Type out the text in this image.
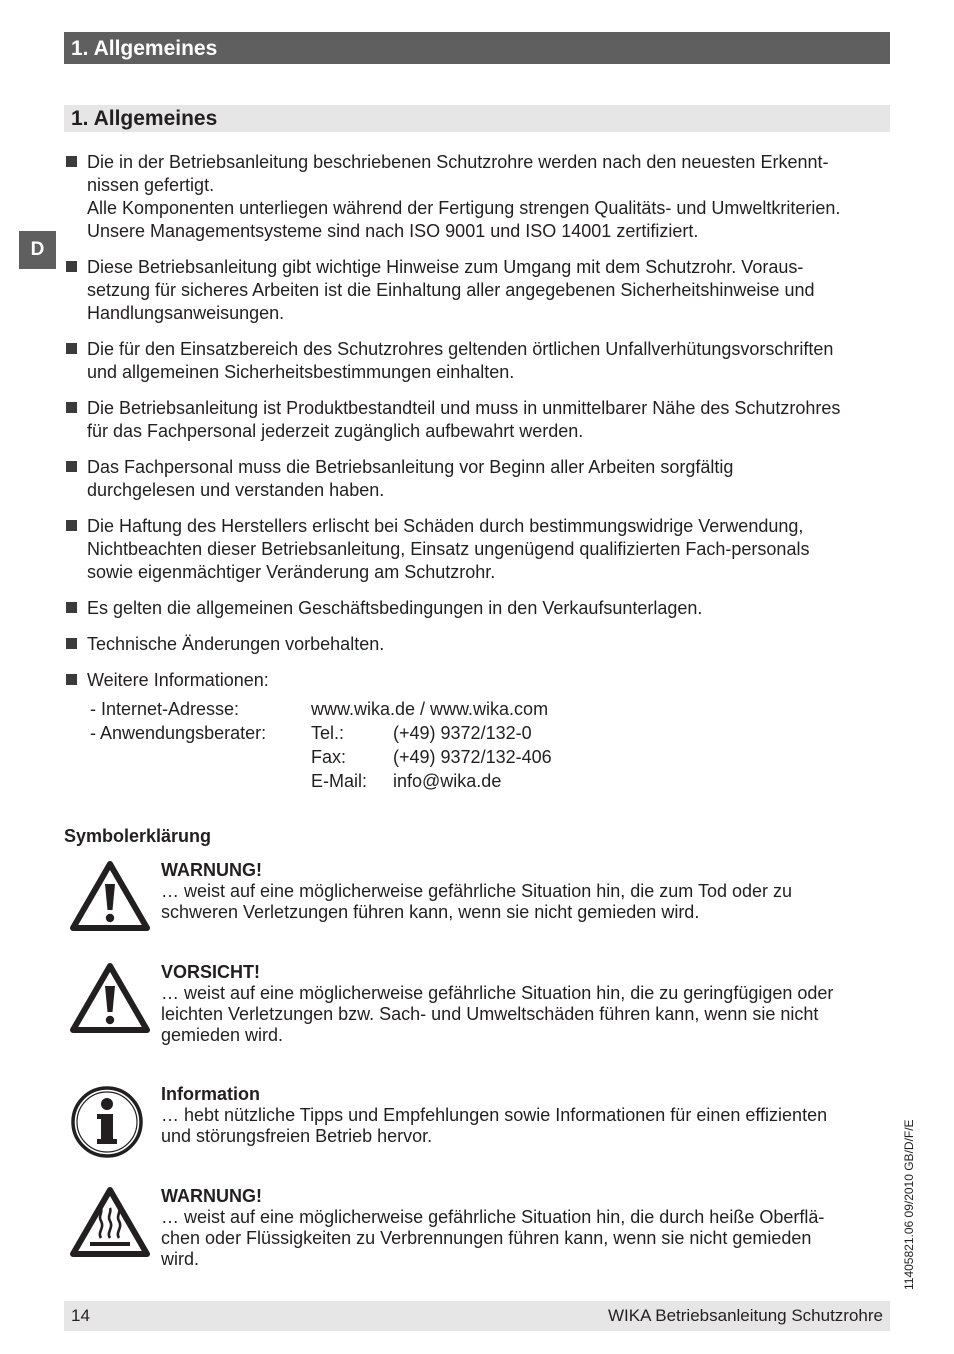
1. Allgemeines
D
1. Allgemeines

Die in der Betriebsanleitung beschriebenen Schutzrohre werden nach den neuesten Erkennt-

nissen gefertigt.

Alle Komponenten unterliegen während der Fertigung strengen Qualitäts- und Umweltkriterien.

Unsere Managementsysteme sind nach ISO 9001 und ISO 14001 zertifiziert.

Diese Betriebsanleitung gibt wichtige Hinweise zum Umgang mit dem Schutzrohr. Voraus-

setzung für sicheres Arbeiten ist die Einhaltung aller angegebenen Sicherheitshinweise und

Handlungsanweisungen.

Die für den Einsatzbereich des Schutzrohres geltenden örtlichen Unfallverhütungsvorschriften

und allgemeinen Sicherheitsbestimmungen einhalten.

Die Betriebsanleitung ist Produktbestandteil und muss in unmittelbarer Nähe des Schutzrohres

für das Fachpersonal jederzeit zugänglich aufbewahrt werden.

Das Fachpersonal muss die Betriebsanleitung vor Beginn aller Arbeiten sorgfältig

durchgelesen und verstanden haben.

Die Haftung des Herstellers erlischt bei Schäden durch bestimmungswidrige Verwendung,

Nichtbeachten dieser Betriebsanleitung, Einsatz ungenügend qualifizierten Fach-personals

sowie eigenmächtiger Veränderung am Schutzrohr.

Es gelten die allgemeinen Geschäftsbedingungen in den Verkaufsunterlagen.

Technische Änderungen vorbehalten.

Weitere Informationen:

- Internet-Adresse:	www.wika.de / www.wika.com
- Anwendungsberater: Tel.:	(+49) 9372/132-0
Fax:	(+49) 9372/132-406
E-Mail: info@wika.de
Symbolerklärung
WARNUNG!
… weist auf eine möglicherweise gefährliche Situation hin, die zum Tod oder zu
schweren Verletzungen führen kann, wenn sie nicht gemieden wird.
VORSICHT!
… weist auf eine möglicherweise gefährliche Situation hin, die zu geringfügigen oder
leichten Verletzungen bzw. Sach- und Umweltschäden führen kann, wenn sie nicht
gemieden wird.
Information
… hebt nützliche Tipps und Empfehlungen sowie Informationen für einen effizienten
und störungsfreien Betrieb hervor.
WARNUNG!
… weist auf eine möglicherweise gefährliche Situation hin, die durch heiße Oberflä-
chen oder Flüssigkeiten zu Verbrennungen führen kann, wenn sie nicht gemieden
wird.	11405821.06 09/2010 GB/D/F/E
14	WIKA Betriebsanleitung Schutzrohre
